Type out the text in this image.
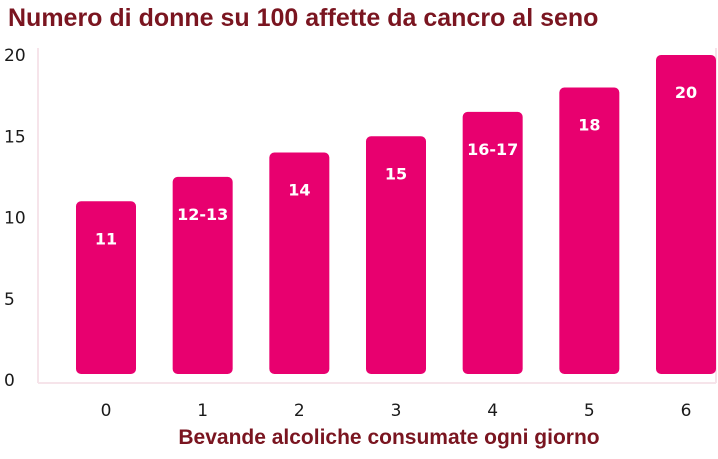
Numero di donne su 100 affette da cancro al seno
0
5
10
15
20
11
12-13
14
15
16-17
18
20
0	1	2	3	4	5	6
Bevande alcoliche consumate ogni giorno
